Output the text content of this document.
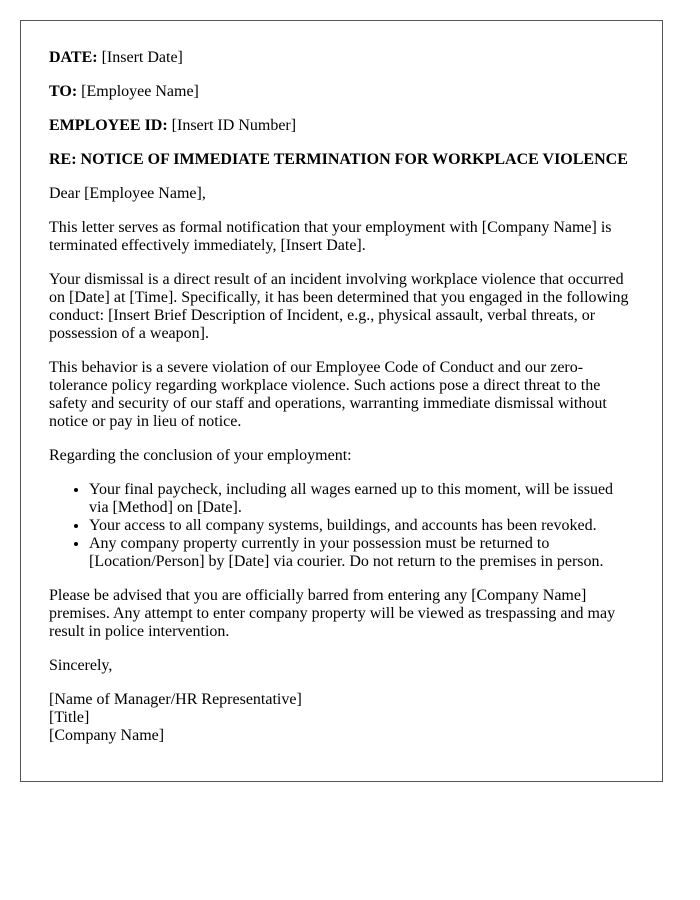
DATE: [Insert Date]

TO: [Employee Name]

EMPLOYEE ID: [Insert ID Number]

RE: NOTICE OF IMMEDIATE TERMINATION FOR WORKPLACE VIOLENCE

Dear [Employee Name],

This letter serves as formal notification that your employment with [Company Name] is terminated effectively immediately, [Insert Date].

Your dismissal is a direct result of an incident involving workplace violence that occurred on [Date] at [Time]. Specifically, it has been determined that you engaged in the following conduct: [Insert Brief Description of Incident, e.g., physical assault, verbal threats, or possession of a weapon].

This behavior is a severe violation of our Employee Code of Conduct and our zero-tolerance policy regarding workplace violence. Such actions pose a direct threat to the safety and security of our staff and operations, warranting immediate dismissal without notice or pay in lieu of notice.

Regarding the conclusion of your employment:

• Your final paycheck, including all wages earned up to this moment, will be issued via [Method] on [Date].
• Your access to all company systems, buildings, and accounts has been revoked.
• Any company property currently in your possession must be returned to [Location/Person] by [Date] via courier. Do not return to the premises in person.

Please be advised that you are officially barred from entering any [Company Name] premises. Any attempt to enter company property will be viewed as trespassing and may result in police intervention.

Sincerely,

[Name of Manager/HR Representative]
[Title]
[Company Name]
